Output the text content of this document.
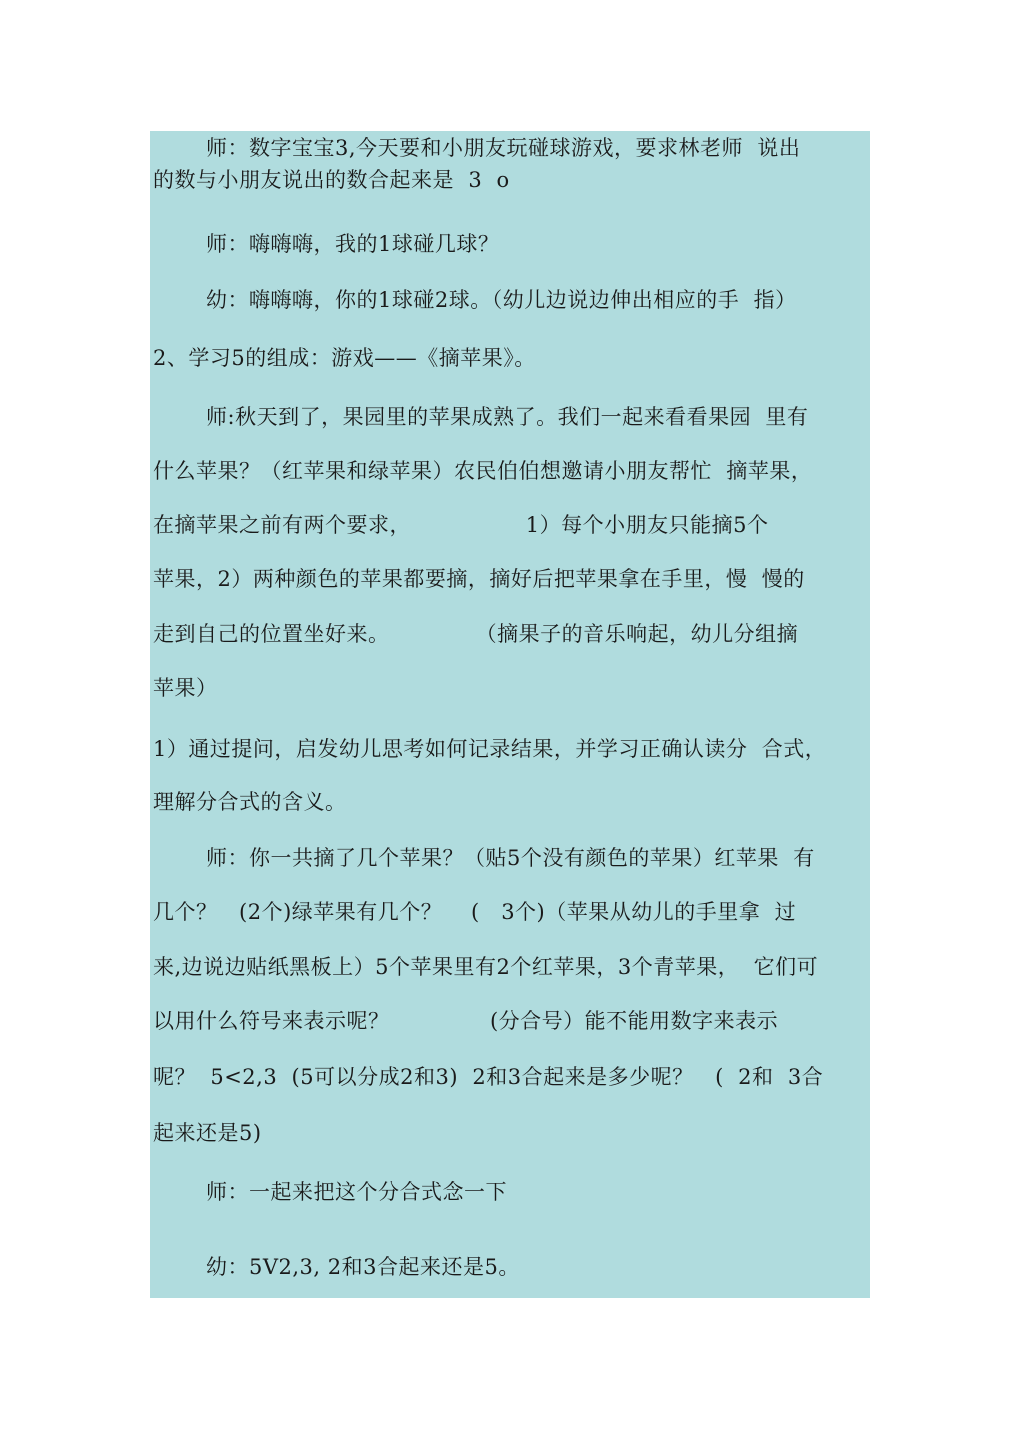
师：数字宝宝3,今天要和小朋友玩碰球游戏，要求林老师  说出
的数与小朋友说出的数合起来是  3  o
师：嗨嗨嗨，我的1球碰几球？
幼：嗨嗨嗨，你的1球碰2球。（幼儿边说边伸出相应的手  指）
2、学习5的组成：游戏——《摘苹果》。
师:秋天到了，果园里的苹果成熟了。我们一起来看看果园  里有
什么苹果？（红苹果和绿苹果）农民伯伯想邀请小朋友帮忙  摘苹果，
在摘苹果之前有两个要求，                1）每个小朋友只能摘5个
苹果，2）两种颜色的苹果都要摘，摘好后把苹果拿在手里，慢  慢的
走到自己的位置坐好来。            （摘果子的音乐响起，幼儿分组摘
苹果）
1）通过提问，启发幼儿思考如何记录结果，并学习正确认读分  合式，
理解分合式的含义。
师：你一共摘了几个苹果？（贴5个没有颜色的苹果）红苹果  有
几个？   (2个)绿苹果有几个？    (   3个)（苹果从幼儿的手里拿  过
来,边说边贴纸黑板上）5个苹果里有2个红苹果，3个青苹果，  它们可
以用什么符号来表示呢？              (分合号）能不能用数字来表示
呢？  5<2,3  (5可以分成2和3)  2和3合起来是多少呢？   (  2和  3合
起来还是5)
师：一起来把这个分合式念一下
幼：5V2,3, 2和3合起来还是5。
